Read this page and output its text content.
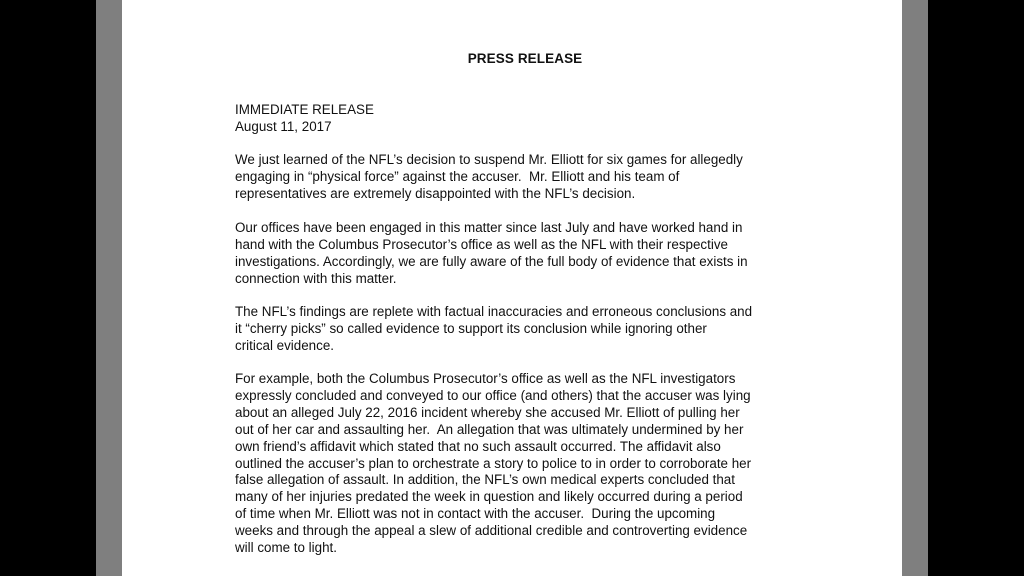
PRESS RELEASE
IMMEDIATE RELEASE
August 11, 2017

We just learned of the NFL’s decision to suspend Mr. Elliott for six games for allegedly
engaging in “physical force” against the accuser.  Mr. Elliott and his team of
representatives are extremely disappointed with the NFL’s decision.

Our offices have been engaged in this matter since last July and have worked hand in
hand with the Columbus Prosecutor’s office as well as the NFL with their respective
investigations. Accordingly, we are fully aware of the full body of evidence that exists in
connection with this matter.

The NFL’s findings are replete with factual inaccuracies and erroneous conclusions and
it “cherry picks” so called evidence to support its conclusion while ignoring other
critical evidence.

For example, both the Columbus Prosecutor’s office as well as the NFL investigators
expressly concluded and conveyed to our office (and others) that the accuser was lying
about an alleged July 22, 2016 incident whereby she accused Mr. Elliott of pulling her
out of her car and assaulting her.  An allegation that was ultimately undermined by her
own friend’s affidavit which stated that no such assault occurred. The affidavit also
outlined the accuser’s plan to orchestrate a story to police to in order to corroborate her
false allegation of assault. In addition, the NFL’s own medical experts concluded that
many of her injuries predated the week in question and likely occurred during a period
of time when Mr. Elliott was not in contact with the accuser.  During the upcoming
weeks and through the appeal a slew of additional credible and controverting evidence
will come to light.
